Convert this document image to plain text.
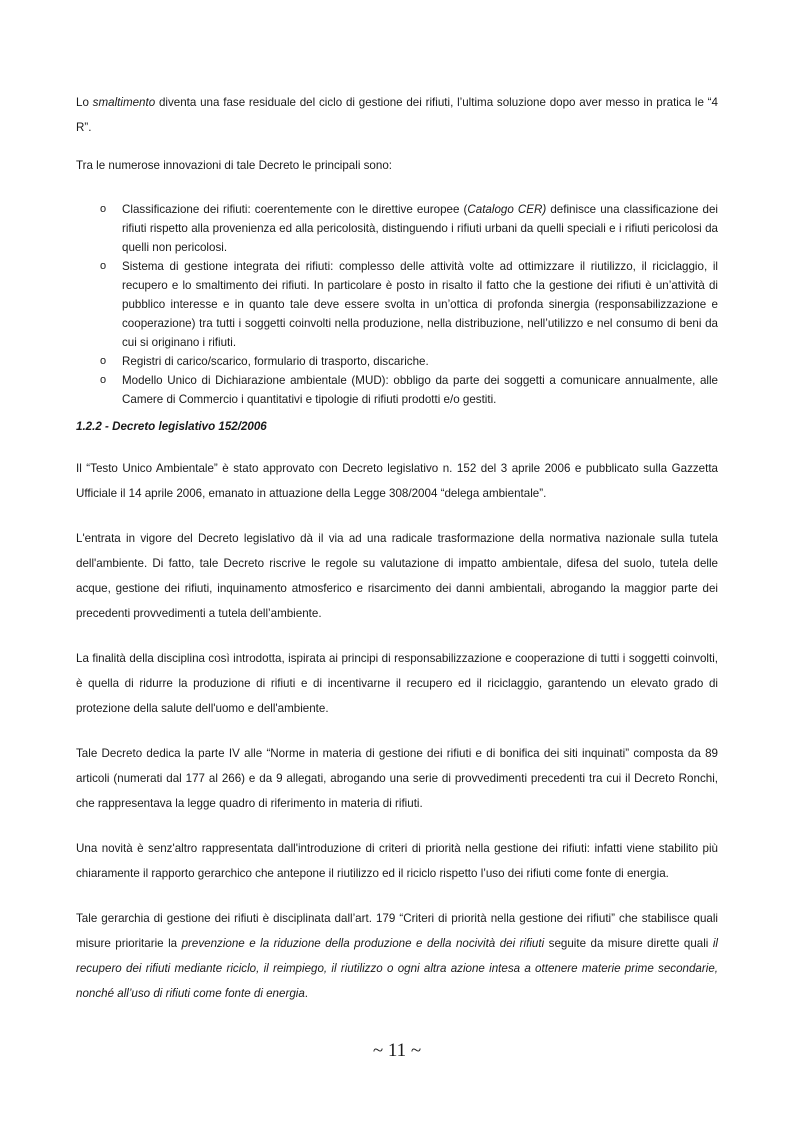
Lo smaltimento diventa una fase residuale del ciclo di gestione dei rifiuti, l’ultima soluzione dopo aver messo in pratica le “4 R”.

Tra le numerose innovazioni di tale Decreto le principali sono:

o Classificazione dei rifiuti: coerentemente con le direttive europee (Catalogo CER) definisce una classificazione dei rifiuti rispetto alla provenienza ed alla pericolosità, distinguendo i rifiuti urbani da quelli speciali e i rifiuti pericolosi da quelli non pericolosi.
o Sistema di gestione integrata dei rifiuti: complesso delle attività volte ad ottimizzare il riutilizzo, il riciclaggio, il recupero e lo smaltimento dei rifiuti. In particolare è posto in risalto il fatto che la gestione dei rifiuti è un’attività di pubblico interesse e in quanto tale deve essere svolta in un’ottica di profonda sinergia (responsabilizzazione e cooperazione) tra tutti i soggetti coinvolti nella produzione, nella distribuzione, nell’utilizzo e nel consumo di beni da cui si originano i rifiuti.
o Registri di carico/scarico, formulario di trasporto, discariche.
o Modello Unico di Dichiarazione ambientale (MUD): obbligo da parte dei soggetti a comunicare annualmente, alle Camere di Commercio i quantitativi e tipologie di rifiuti prodotti e/o gestiti.
1.2.2 - Decreto legislativo 152/2006

Il “Testo Unico Ambientale” è stato approvato con Decreto legislativo n. 152 del 3 aprile 2006 e pubblicato sulla Gazzetta Ufficiale il 14 aprile 2006, emanato in attuazione della Legge 308/2004 “delega ambientale”.

L'entrata in vigore del Decreto legislativo dà il via ad una radicale trasformazione della normativa nazionale sulla tutela dell'ambiente. Di fatto, tale Decreto riscrive le regole su valutazione di impatto ambientale, difesa del suolo, tutela delle acque, gestione dei rifiuti, inquinamento atmosferico e risarcimento dei danni ambientali, abrogando la maggior parte dei precedenti provvedimenti a tutela dell’ambiente.

La finalità della disciplina così introdotta, ispirata ai principi di responsabilizzazione e cooperazione di tutti i soggetti coinvolti, è quella di ridurre la produzione di rifiuti e di incentivarne il recupero ed il riciclaggio, garantendo un elevato grado di protezione della salute dell'uomo e dell'ambiente.

Tale Decreto dedica la parte IV alle “Norme in materia di gestione dei rifiuti e di bonifica dei siti inquinati” composta da 89 articoli (numerati dal 177 al 266) e da 9 allegati, abrogando una serie di provvedimenti precedenti tra cui il Decreto Ronchi, che rappresentava la legge quadro di riferimento in materia di rifiuti.

Una novità è senz'altro rappresentata dall'introduzione di criteri di priorità nella gestione dei rifiuti: infatti viene stabilito più chiaramente il rapporto gerarchico che antepone il riutilizzo ed il riciclo rispetto l’uso dei rifiuti come fonte di energia.

Tale gerarchia di gestione dei rifiuti è disciplinata dall’art. 179 “Criteri di priorità nella gestione dei rifiuti” che stabilisce quali misure prioritarie la prevenzione e la riduzione della produzione e della nocività dei rifiuti seguite da misure dirette quali il recupero dei rifiuti mediante riciclo, il reimpiego, il riutilizzo o ogni altra azione intesa a ottenere materie prime secondarie, nonché all’uso di rifiuti come fonte di energia.

~ 11 ~
